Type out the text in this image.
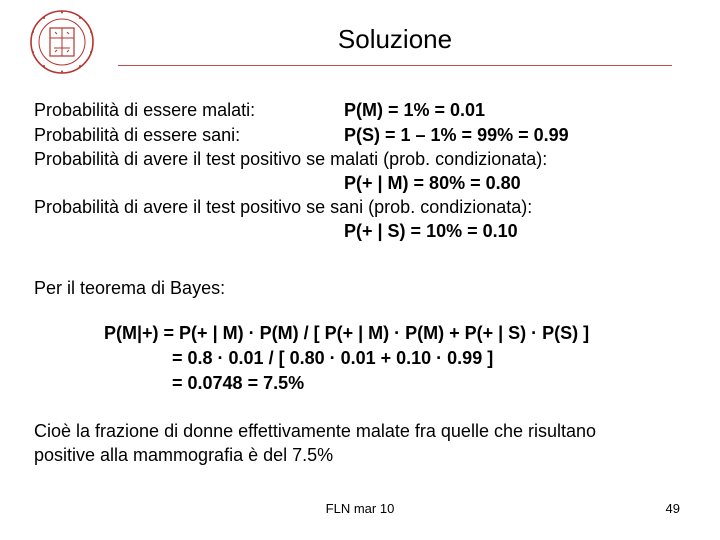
Soluzione
Probabilità di essere malati:	P(M) = 1% = 0.01
Probabilità di essere sani:	P(S) = 1 – 1% = 99% = 0.99
Probabilità di avere il test positivo se malati (prob. condizionata):
P(+ | M) = 80% = 0.80
Probabilità di avere il test positivo se sani (prob. condizionata):
P(+ | S) = 10% = 0.10
Per il teorema di Bayes:
P(M|+) = P(+ | M) · P(M) / [ P(+ | M) · P(M) + P(+ | S) · P(S) ]
= 0.8 · 0.01 / [ 0.80 · 0.01 + 0.10 · 0.99 ]
= 0.0748 = 7.5%
Cioè la frazione di donne effettivamente malate fra quelle che risultano
positive alla mammografia è del 7.5%
FLN mar 10	49
